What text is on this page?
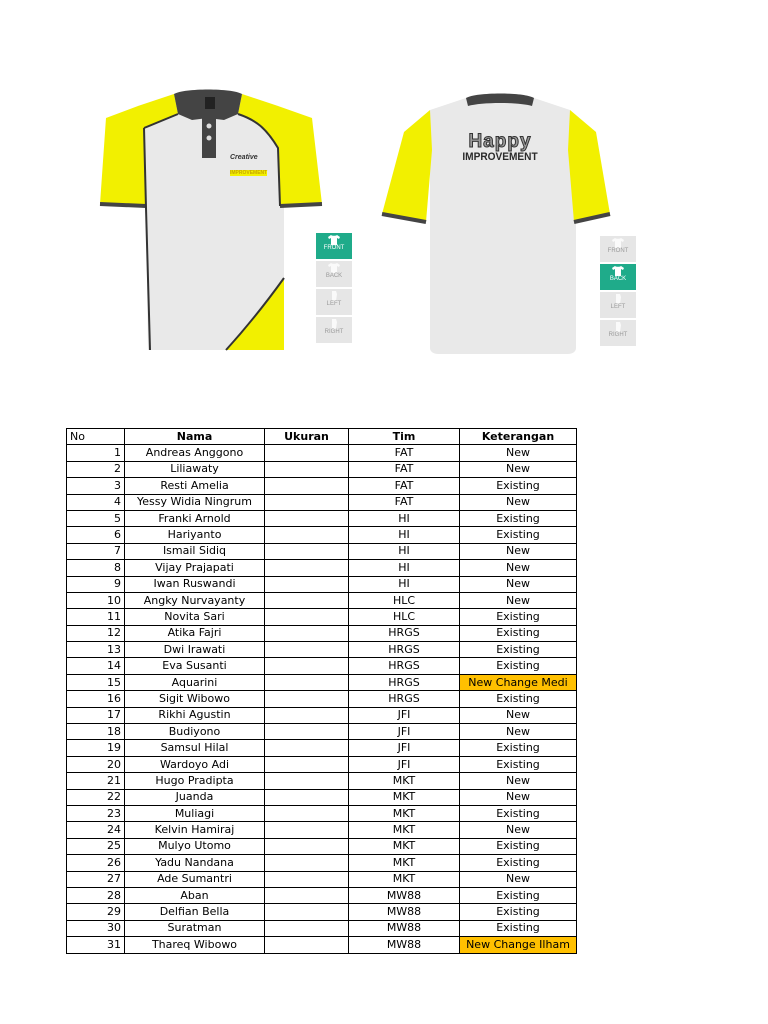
Creative
IMPROVEMENT
FRONT
BACK
LEFT
RIGHT
Happy
IMPROVEMENT
FRONT
BACK
LEFT
RIGHT
No	Nama	Ukuran	Tim	Keterangan
1	Andreas Anggono		FAT	New
2	Liliawaty		FAT	New
3	Resti Amelia		FAT	Existing
4	Yessy Widia Ningrum		FAT	New
5	Franki Arnold		HI	Existing
6	Hariyanto		HI	Existing
7	Ismail Sidiq		HI	New
8	Vijay Prajapati		HI	New
9	Iwan Ruswandi		HI	New
10	Angky Nurvayanty		HLC	New
11	Novita Sari		HLC	Existing
12	Atika Fajri		HRGS	Existing
13	Dwi Irawati		HRGS	Existing
14	Eva Susanti		HRGS	Existing
15	Aquarini		HRGS	New Change Medi
16	Sigit Wibowo		HRGS	Existing
17	Rikhi Agustin		JFI	New
18	Budiyono		JFI	New
19	Samsul Hilal		JFI	Existing
20	Wardoyo Adi		JFI	Existing
21	Hugo Pradipta		MKT	New
22	Juanda		MKT	New
23	Muliagi		MKT	Existing
24	Kelvin Hamiraj		MKT	New
25	Mulyo Utomo		MKT	Existing
26	Yadu Nandana		MKT	Existing
27	Ade Sumantri		MKT	New
28	Aban		MW88	Existing
29	Delfian Bella		MW88	Existing
30	Suratman		MW88	Existing
31	Thareq Wibowo		MW88	New Change Ilham
